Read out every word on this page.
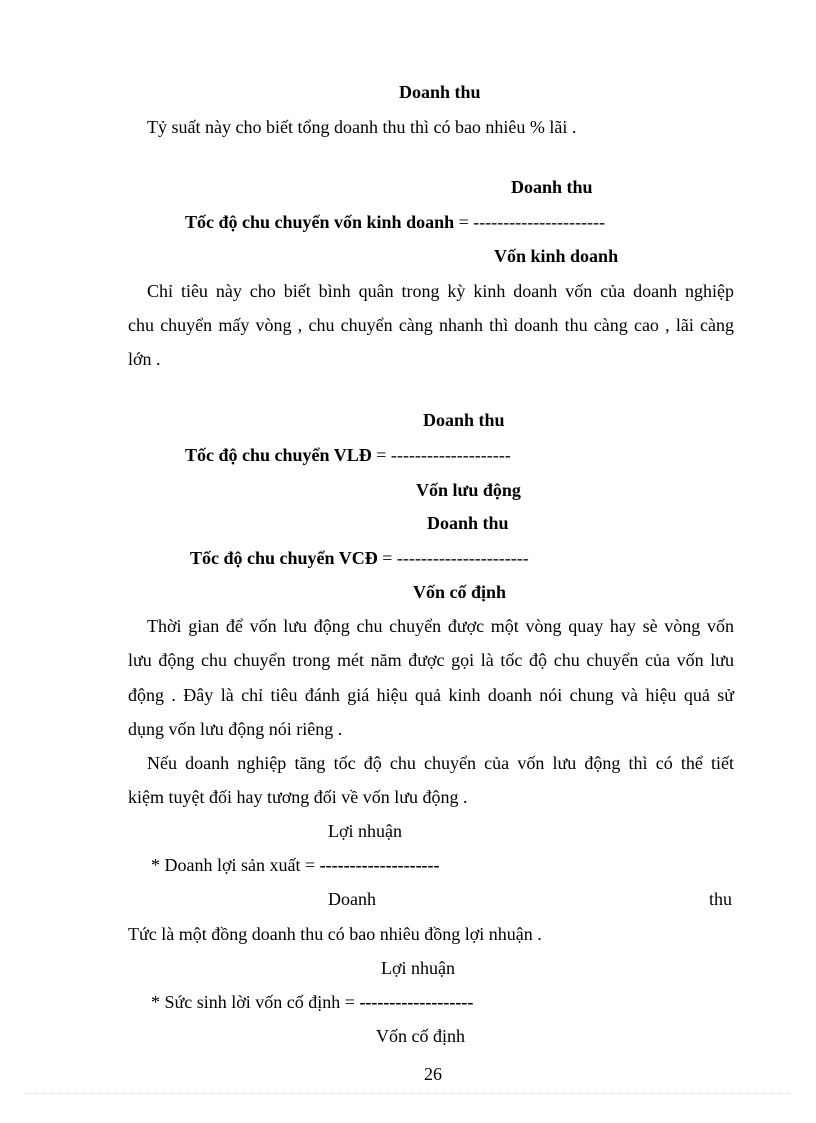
Doanh thu
Tỷ suất này cho biết tổng doanh thu thì có bao nhiêu % lãi .
Doanh thu
Tốc độ chu chuyển vốn kinh doanh = ----------------------
Vốn kinh doanh
Chỉ tiêu này cho biết bình quân trong kỳ kinh doanh vốn của doanh nghiệp
chu chuyển mấy vòng , chu chuyển càng nhanh thì doanh thu càng cao , lãi càng
lớn .
Doanh thu
Tốc độ chu chuyển VLĐ = --------------------
Vốn lưu động
Doanh thu
Tốc độ chu chuyển VCĐ = ----------------------
Vốn cố định
Thời gian để vốn lưu động chu chuyển được một vòng quay hay sè vòng vốn
lưu động chu chuyển trong mét năm được gọi là tốc độ chu chuyển của vốn lưu
động . Đây là chỉ tiêu đánh giá hiệu quả kinh doanh nói chung và hiệu quả sử
dụng vốn lưu động nói riêng .
Nếu doanh nghiệp tăng tốc độ chu chuyển của vốn lưu động thì có thể tiết
kiệm tuyệt đối hay tương đối về vốn lưu động .
Lợi nhuận
* Doanh lợi sản xuất = --------------------
Doanh	thu
Tức là một đồng doanh thu có bao nhiêu đồng lợi nhuận .
Lợi nhuận
* Sức sinh lời vốn cố định = -------------------
Vốn cố định
26
